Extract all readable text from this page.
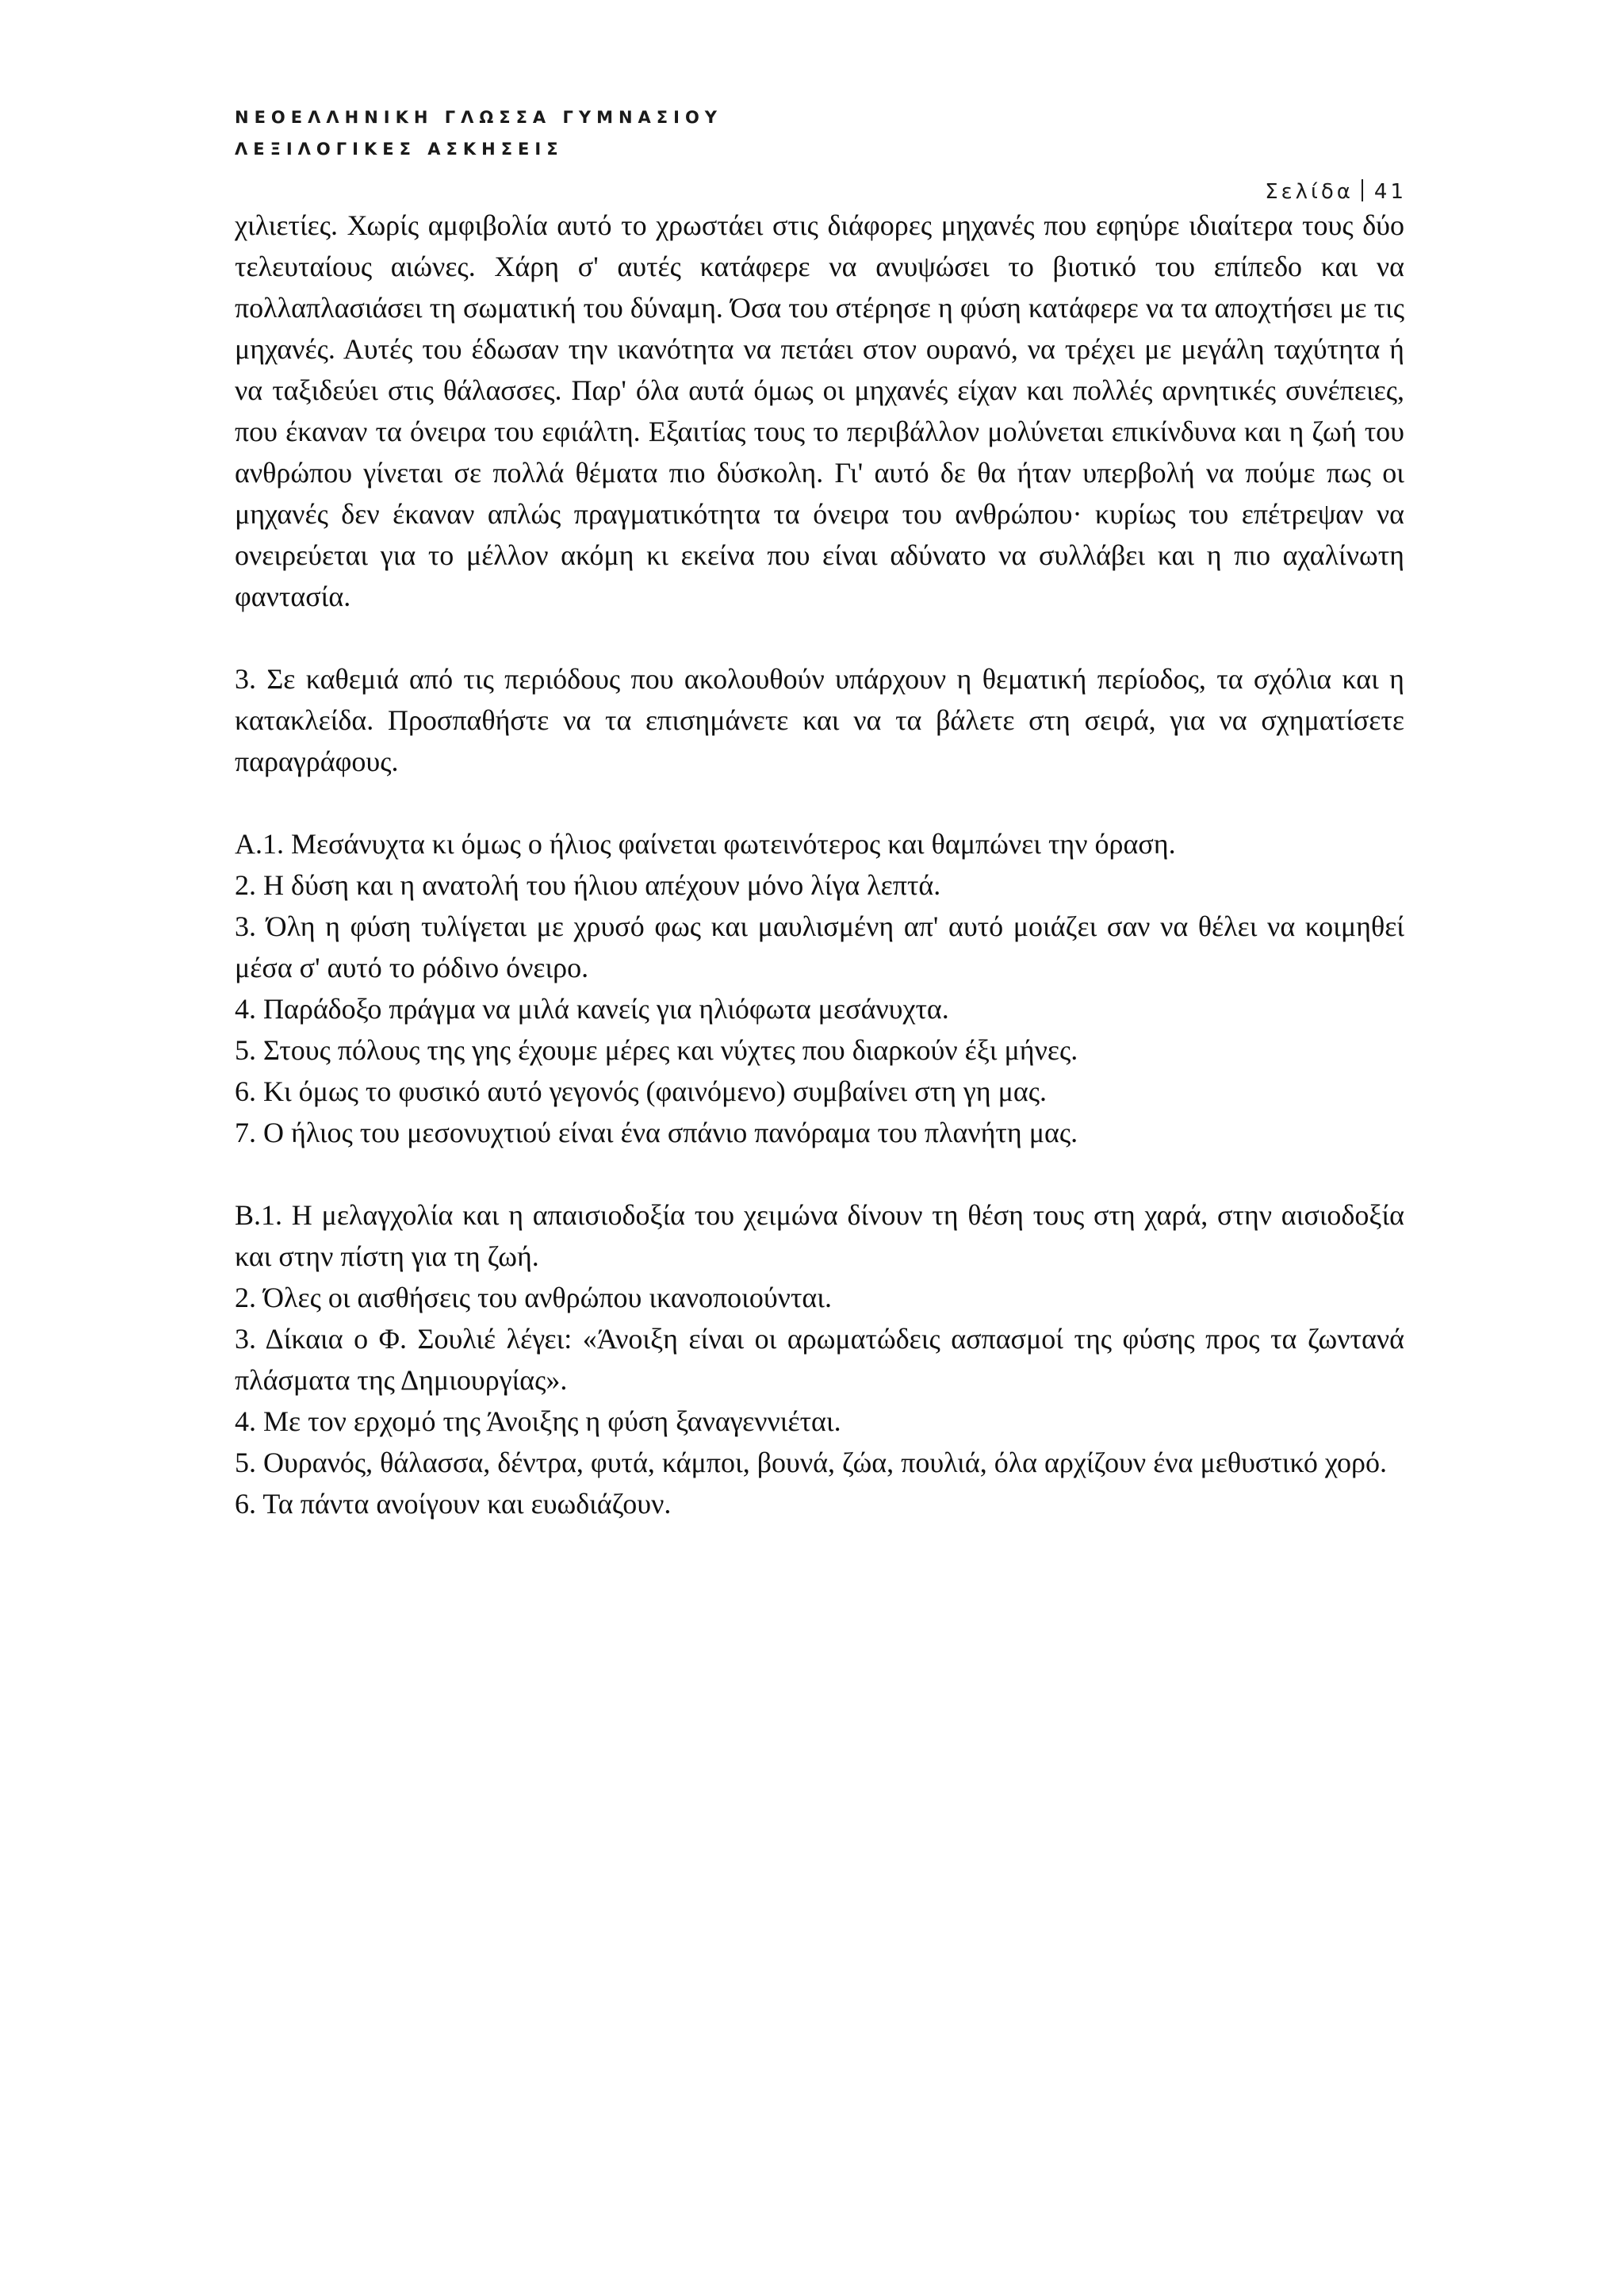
ΝΕΟΕΛΛΗΝΙΚΗ ΓΛΩΣΣΑ ΓΥΜΝΑΣΙΟΥ
ΛΕΞΙΛΟΓΙΚΕΣ ΑΣΚΗΣΕΙΣ
Σελίδα 41

χιλιετίες. Χωρίς αμφιβολία αυτό το χρωστάει στις διάφορες μηχανές που εφηύρε ιδιαίτερα τους δύο τελευταίους αιώνες. Χάρη σ' αυτές κατάφερε να ανυψώσει το βιοτικό του επίπεδο και να πολλαπλασιάσει τη σωματική του δύναμη. Όσα του στέρησε η φύση κατάφερε να τα αποχτήσει με τις μηχανές. Αυτές του έδωσαν την ικανότητα να πετάει στον ουρανό, να τρέχει με μεγάλη ταχύτητα ή να ταξιδεύει στις θάλασσες. Παρ' όλα αυτά όμως οι μηχανές είχαν και πολλές αρνητικές συνέπειες, που έκαναν τα όνειρα του εφιάλτη. Εξαιτίας τους το περιβάλλον μολύνεται επικίνδυνα και η ζωή του ανθρώπου γίνεται σε πολλά θέματα πιο δύσκολη. Γι' αυτό δε θα ήταν υπερβολή να πούμε πως οι μηχανές δεν έκαναν απλώς πραγματικότητα τα όνειρα του ανθρώπου· κυρίως του επέτρεψαν να ονειρεύεται για το μέλλον ακόμη κι εκείνα που είναι αδύνατο να συλλάβει και η πιο αχαλίνωτη φαντασία.

3. Σε καθεμιά από τις περιόδους που ακολουθούν υπάρχουν η θεματική περίοδος, τα σχόλια και η κατακλείδα. Προσπαθήστε να τα επισημάνετε και να τα βάλετε στη σειρά, για να σχηματίσετε παραγράφους.

Α.1. Μεσάνυχτα κι όμως ο ήλιος φαίνεται φωτεινότερος και θαμπώνει την όραση.

2. Η δύση και η ανατολή του ήλιου απέχουν μόνο λίγα λεπτά.

3. Όλη η φύση τυλίγεται με χρυσό φως και μαυλισμένη απ' αυτό μοιάζει σαν να θέλει να κοιμηθεί μέσα σ' αυτό το ρόδινο όνειρο.

4. Παράδοξο πράγμα να μιλά κανείς για ηλιόφωτα μεσάνυχτα.

5. Στους πόλους της γης έχουμε μέρες και νύχτες που διαρκούν έξι μήνες.

6. Κι όμως το φυσικό αυτό γεγονός (φαινόμενο) συμβαίνει στη γη μας.

7. Ο ήλιος του μεσονυχτιού είναι ένα σπάνιο πανόραμα του πλανήτη μας.

Β.1. Η μελαγχολία και η απαισιοδοξία του χειμώνα δίνουν τη θέση τους στη χαρά, στην αισιοδοξία και στην πίστη για τη ζωή.

2. Όλες οι αισθήσεις του ανθρώπου ικανοποιούνται.

3. Δίκαια ο Φ. Σουλιέ λέγει: «Άνοιξη είναι οι αρωματώδεις ασπασμοί της φύσης προς τα ζωντανά πλάσματα της Δημιουργίας».

4. Με τον ερχομό της Άνοιξης η φύση ξαναγεννιέται.

5. Ουρανός, θάλασσα, δέντρα, φυτά, κάμποι, βουνά, ζώα, πουλιά, όλα αρχίζουν ένα μεθυστικό χορό.

6. Τα πάντα ανοίγουν και ευωδιάζουν.
